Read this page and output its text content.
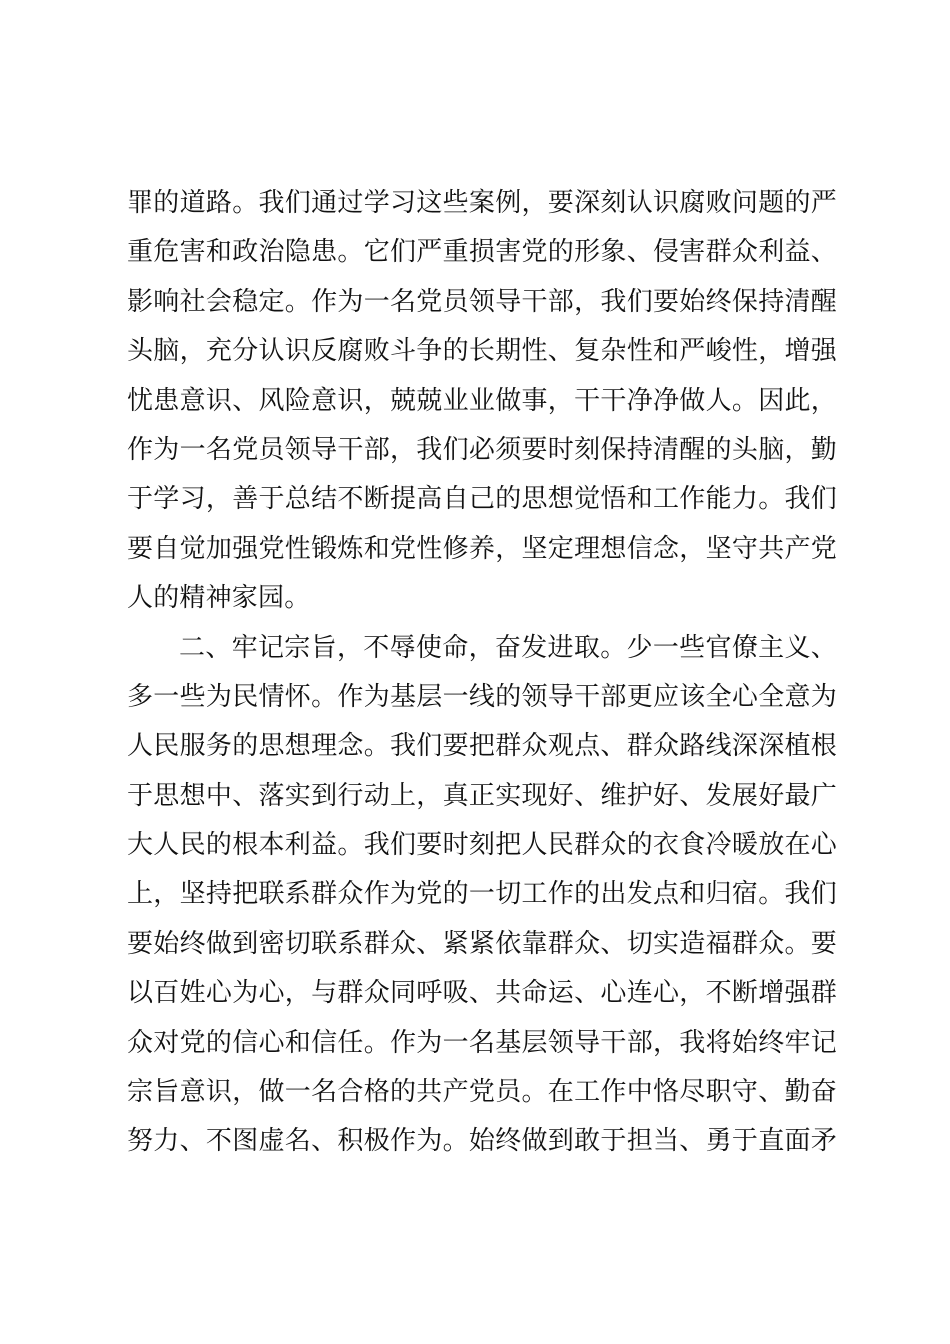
罪的道路。我们通过学习这些案例，要深刻认识腐败问题的严
重危害和政治隐患。它们严重损害党的形象、侵害群众利益、
影响社会稳定。作为一名党员领导干部，我们要始终保持清醒
头脑，充分认识反腐败斗争的长期性、复杂性和严峻性，增强
忧患意识、风险意识，兢兢业业做事，干干净净做人。因此，
作为一名党员领导干部，我们必须要时刻保持清醒的头脑，勤
于学习，善于总结不断提高自己的思想觉悟和工作能力。我们
要自觉加强党性锻炼和党性修养，坚定理想信念，坚守共产党
人的精神家园。
二、牢记宗旨，不辱使命，奋发进取。少一些官僚主义、
多一些为民情怀。作为基层一线的领导干部更应该全心全意为
人民服务的思想理念。我们要把群众观点、群众路线深深植根
于思想中、落实到行动上，真正实现好、维护好、发展好最广
大人民的根本利益。我们要时刻把人民群众的衣食冷暖放在心
上，坚持把联系群众作为党的一切工作的出发点和归宿。我们
要始终做到密切联系群众、紧紧依靠群众、切实造福群众。要
以百姓心为心，与群众同呼吸、共命运、心连心，不断增强群
众对党的信心和信任。作为一名基层领导干部，我将始终牢记
宗旨意识，做一名合格的共产党员。在工作中恪尽职守、勤奋
努力、不图虚名、积极作为。始终做到敢于担当、勇于直面矛
